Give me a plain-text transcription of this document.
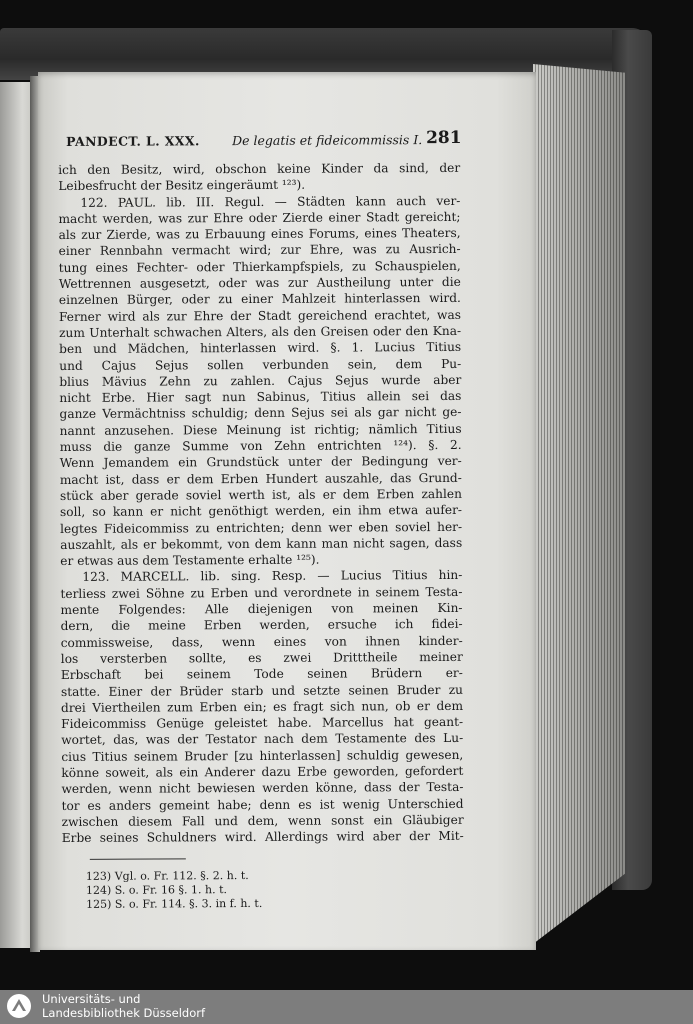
PANDECT. L. XXX.	De legatis et fideicommissis I. 281
ich den Besitz, wird, obschon keine Kinder da sind, der
Leibesfrucht der Besitz eingeräumt ¹²³).
122. PAUL. lib. III. Regul. — Städten kann auch ver-
macht werden, was zur Ehre oder Zierde einer Stadt gereicht;
als zur Zierde, was zu Erbauung eines Forums, eines Theaters,
einer Rennbahn vermacht wird; zur Ehre, was zu Ausrich-
tung eines Fechter- oder Thierkampfspiels, zu Schauspielen,
Wettrennen ausgesetzt, oder was zur Austheilung unter die
einzelnen Bürger, oder zu einer Mahlzeit hinterlassen wird.
Ferner wird als zur Ehre der Stadt gereichend erachtet, was
zum Unterhalt schwachen Alters, als den Greisen oder den Kna-
ben und Mädchen, hinterlassen wird. §. 1. Lucius Titius
und Cajus Sejus sollen verbunden sein, dem Pu-
blius Mävius Zehn zu zahlen. Cajus Sejus wurde aber
nicht Erbe. Hier sagt nun Sabinus, Titius allein sei das
ganze Vermächtniss schuldig; denn Sejus sei als gar nicht ge-
nannt anzusehen. Diese Meinung ist richtig; nämlich Titius
muss die ganze Summe von Zehn entrichten ¹²⁴). §. 2.
Wenn Jemandem ein Grundstück unter der Bedingung ver-
macht ist, dass er dem Erben Hundert auszahle, das Grund-
stück aber gerade soviel werth ist, als er dem Erben zahlen
soll, so kann er nicht genöthigt werden, ein ihm etwa aufer-
legtes Fideicommiss zu entrichten; denn wer eben soviel her-
auszahlt, als er bekommt, von dem kann man nicht sagen, dass
er etwas aus dem Testamente erhalte ¹²⁵).
123. MARCELL. lib. sing. Resp. — Lucius Titius hin-
terliess zwei Söhne zu Erben und verordnete in seinem Testa-
mente Folgendes: Alle diejenigen von meinen Kin-
dern, die meine Erben werden, ersuche ich fidei-
commissweise, dass, wenn eines von ihnen kinder-
los versterben sollte, es zwei Dritttheile meiner
Erbschaft bei seinem Tode seinen Brüdern er-
statte. Einer der Brüder starb und setzte seinen Bruder zu
drei Viertheilen zum Erben ein; es fragt sich nun, ob er dem
Fideicommiss Genüge geleistet habe. Marcellus hat geant-
wortet, das, was der Testator nach dem Testamente des Lu-
cius Titius seinem Bruder [zu hinterlassen] schuldig gewesen,
könne soweit, als ein Anderer dazu Erbe geworden, gefordert
werden, wenn nicht bewiesen werden könne, dass der Testa-
tor es anders gemeint habe; denn es ist wenig Unterschied
zwischen diesem Fall und dem, wenn sonst ein Gläubiger
Erbe seines Schuldners wird. Allerdings wird aber der Mit-
123) Vgl. o. Fr. 112. §. 2. h. t.
124) S. o. Fr. 16 §. 1. h. t.
125) S. o. Fr. 114. §. 3. in f. h. t.
Universitäts- und
Landesbibliothek Düsseldorf
